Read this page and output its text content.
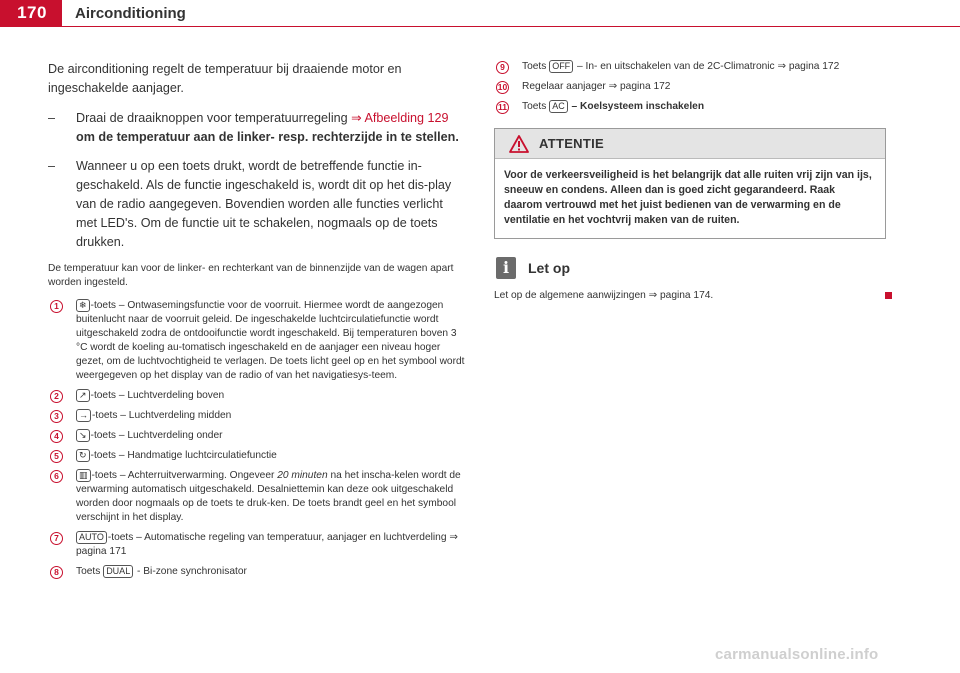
170	Airconditioning

De airconditioning regelt de temperatuur bij draaiende motor en ingeschakelde aanjager.

– Draai de draaiknoppen voor temperatuurregeling ⇒ Afbeelding 129 om de temperatuur aan de linker- resp. rechterzijde in te stellen.
– Wanneer u op een toets drukt, wordt de betreffende functie in-geschakeld. Als de functie ingeschakeld is, wordt dit op het dis-play van de radio aangegeven. Bovendien worden alle functies verlicht met LED's. Om de functie uit te schakelen, nogmaals op de toets drukken.

De temperatuur kan voor de linker- en rechterkant van de binnenzijde van de wagen apart worden ingesteld.

1	❄ -toets – Ontwasemingsfunctie voor de voorruit. Hiermee wordt de aangezogen buitenlucht naar de voorruit geleid. De ingeschakelde luchtcirculatiefunctie wordt uitgeschakeld zodra de ontdooifunctie wordt ingeschakeld. Bij temperaturen boven 3 °C wordt de koeling au-tomatisch ingeschakeld en de aanjager een niveau hoger gezet, om de luchtvochtigheid te verlagen. De toets licht geel op en het symbool wordt weergegeven op het display van de radio of van het navigatiesys-teem.
2	↗ -toets – Luchtverdeling boven
3	→ -toets – Luchtverdeling midden
4	↘ -toets – Luchtverdeling onder
5	↻ -toets – Handmatige luchtcirculatiefunctie
6	▥ -toets – Achterruitverwarming. Ongeveer 20 minuten na het inscha-kelen wordt de verwarming automatisch uitgeschakeld. Desalniettemin kan deze ook uitgeschakeld worden door nogmaals op de toets te druk-ken. De toets brandt geel en het symbool verschijnt in het display.
7	AUTO -toets – Automatische regeling van temperatuur, aanjager en luchtverdeling ⇒ pagina 171
8	Toets DUAL - Bi-zone synchronisator
9	Toets OFF – In- en uitschakelen van de 2C-Climatronic ⇒ pagina 172
10 Regelaar aanjager ⇒ pagina 172
11 Toets AC – Koelsysteem inschakelen
ATTENTIE
Voor de verkeersveiligheid is het belangrijk dat alle ruiten vrij zijn van ijs, sneeuw en condens. Alleen dan is goed zicht gegarandeerd. Raak daarom vertrouwd met het juist bedienen van de verwarming en de ventilatie en het vochtvrij maken van de ruiten.
i	Let op
Let op de algemene aanwijzingen ⇒ pagina 174.
carmanualsonline.info
